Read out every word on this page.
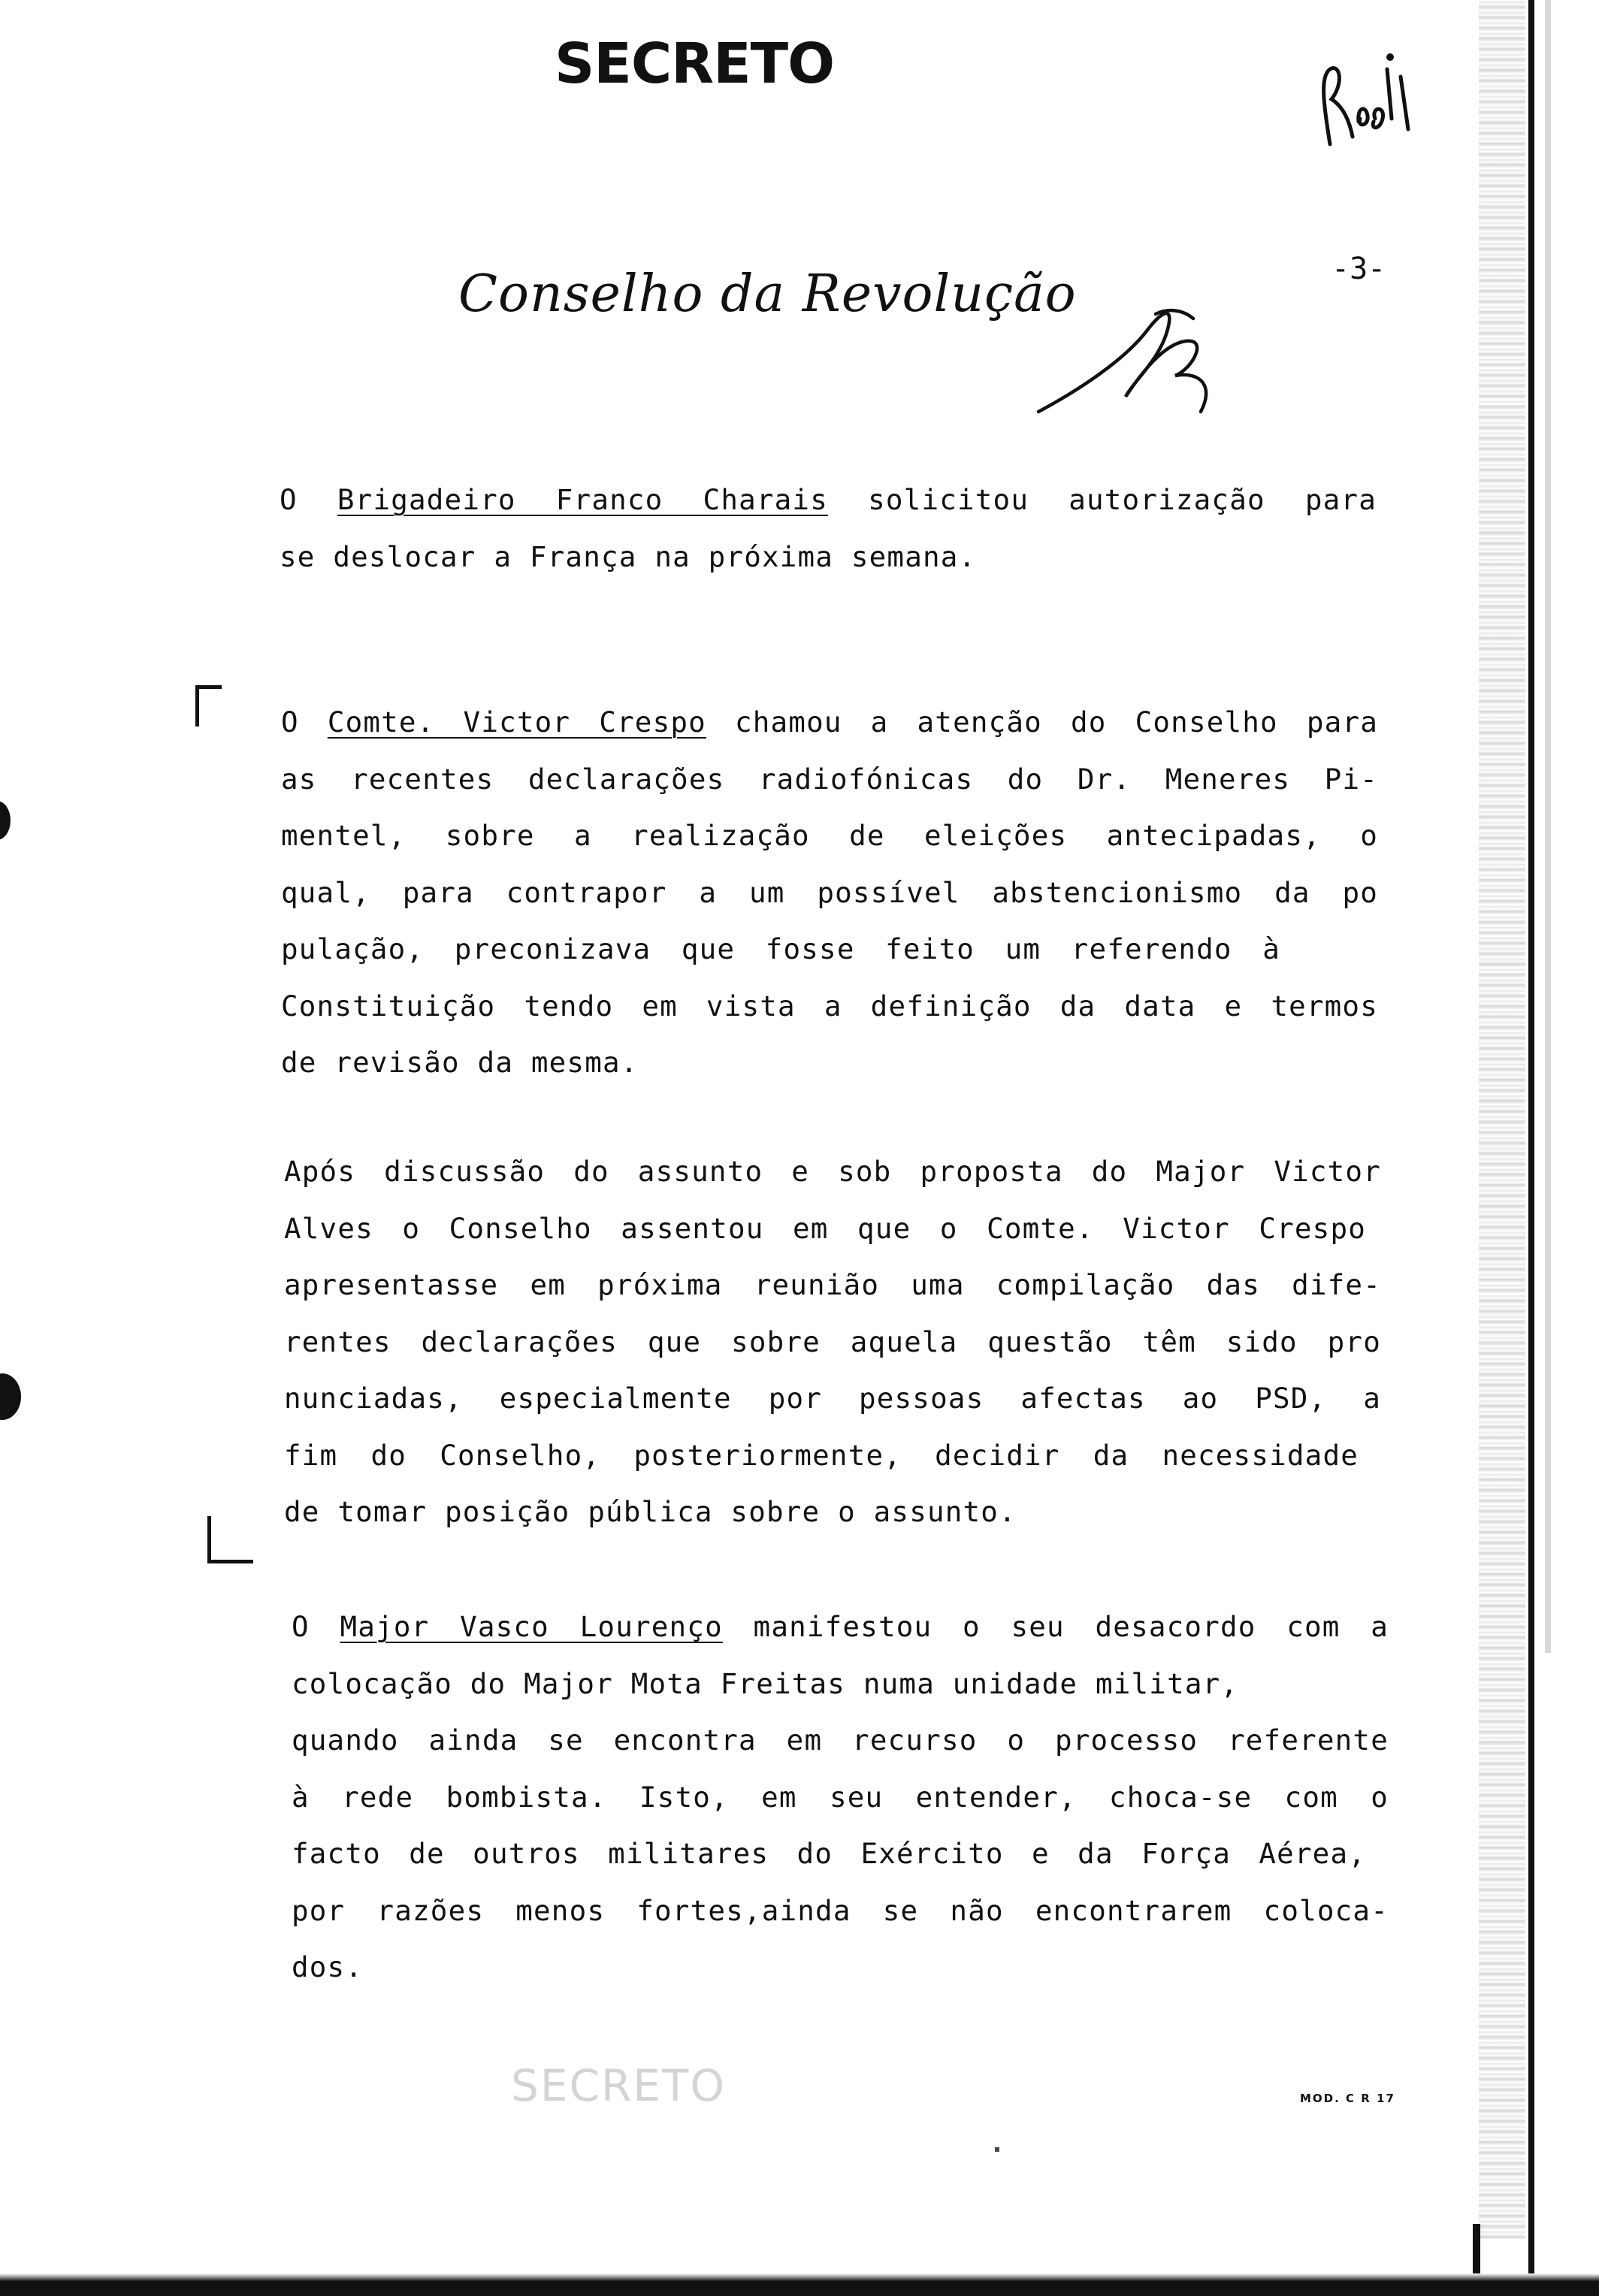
SECRETO
Conselho da Revolução	-3-
O Brigadeiro Franco Charais solicitou autorização para
se deslocar a França na próxima semana.
O Comte. Victor Crespo chamou a atenção do Conselho para
as recentes declarações radiofónicas do Dr. Meneres Pi-
mentel, sobre a realização de eleições antecipadas, o
qual, para contrapor a um possível abstencionismo da po
pulação, preconizava que fosse feito um referendo à
Constituição tendo em vista a definição da data e termos
de revisão da mesma.
Após discussão do assunto e sob proposta do Major Victor
Alves o Conselho assentou em que o Comte. Victor Crespo
apresentasse em próxima reunião uma compilação das dife-
rentes declarações que sobre aquela questão têm sido pro
nunciadas, especialmente por pessoas afectas ao PSD, a
fim do Conselho, posteriormente, decidir da necessidade
de tomar posição pública sobre o assunto.
O Major Vasco Lourenço manifestou o seu desacordo com a
colocação do Major Mota Freitas numa unidade militar,
quando ainda se encontra em recurso o processo referente
à rede bombista. Isto, em seu entender, choca-se com o
facto de outros militares do Exército e da Força Aérea,
por razões menos fortes,ainda se não encontrarem coloca-
dos.
SECRETO	MOD. C R 17
